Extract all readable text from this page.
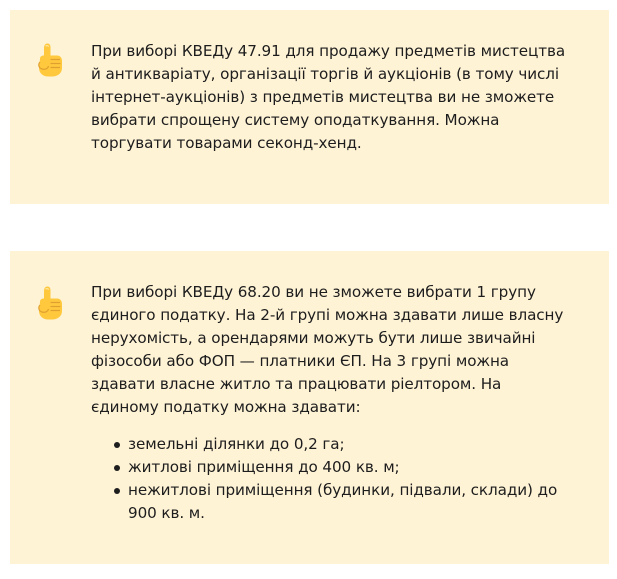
При виборі КВЕДу 47.91 для продажу предметів мистецтва й антикваріату, організації торгів й аукціонів (в тому числі інтернет-аукціонів) з предметів мистецтва ви не зможете вибрати спрощену систему оподаткування. Можна торгувати товарами секонд-хенд.

При виборі КВЕДу 68.20 ви не зможете вибрати 1 групу єдиного податку. На 2-й групі можна здавати лише власну нерухомість, а орендарями можуть бути лише звичайні фізособи або ФОП — платники ЄП. На 3 групі можна здавати власне житло та працювати ріелтором. На єдиному податку можна здавати:

земельні ділянки до 0,2 га;
житлові приміщення до 400 кв. м;
нежитлові приміщення (будинки, підвали, склади) до 900 кв. м.
